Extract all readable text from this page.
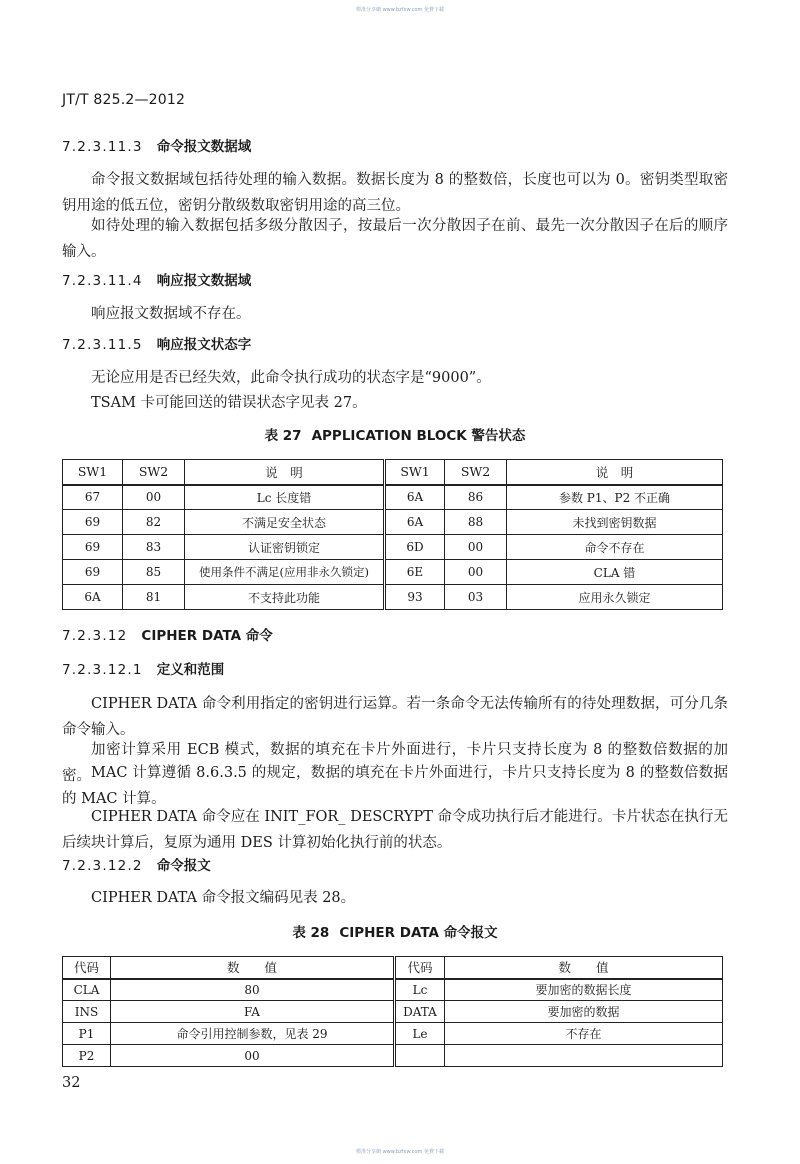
標准分享網 www.bzfxw.com 免費下載
JT/T 825.2—2012
7.2.3.11.3 命令报文数据域

命令报文数据域包括待处理的输入数据。数据长度为 8 的整数倍，长度也可以为 0。密钥类型取密钥用途的低五位，密钥分散级数取密钥用途的高三位。

如待处理的输入数据包括多级分散因子，按最后一次分散因子在前、最先一次分散因子在后的顺序输入。

7.2.3.11.4 响应报文数据域

响应报文数据域不存在。

7.2.3.11.5 响应报文状态字

无论应用是否已经失效，此命令执行成功的状态字是“9000”。

TSAM 卡可能回送的错误状态字见表 27。

表 27 APPLICATION BLOCK 警告状态
SW1	SW2	说　明	SW1	SW2	说　明
67	00	Lc 长度错	6A	86	参数 P1、P2 不正确
69	82	不满足安全状态	6A	88	未找到密钥数据
69	83	认证密钥锁定	6D	00	命令不存在
69	85	使用条件不满足(应用非永久锁定)	6E	00	CLA 错
6A	81	不支持此功能	93	03	应用永久锁定
7.2.3.12 CIPHER DATA 命令
7.2.3.12.1 定义和范围

CIPHER DATA 命令利用指定的密钥进行运算。若一条命令无法传输所有的待处理数据，可分几条命令输入。

加密计算采用 ECB 模式，数据的填充在卡片外面进行，卡片只支持长度为 8 的整数倍数据的加密。 MAC 计算遵循 8.6.3.5 的规定，数据的填充在卡片外面进行，卡片只支持长度为 8 的整数倍数据的 MAC 计算。

CIPHER DATA 命令应在 INIT_FOR_ DESCRYPT 命令成功执行后才能进行。卡片状态在执行无后续块计算后，复原为通用 DES 计算初始化执行前的状态。

7.2.3.12.2 命令报文

CIPHER DATA 命令报文编码见表 28。

表 28 CIPHER DATA 命令报文
代码	数　　值	代码	数　　值
CLA	80	Lc	要加密的数据长度
INS	FA	DATA	要加密的数据
P1	命令引用控制参数，见表 29	Le	不存在
P2	00		
32
標准分享網 www.bzfxw.com 免費下載
